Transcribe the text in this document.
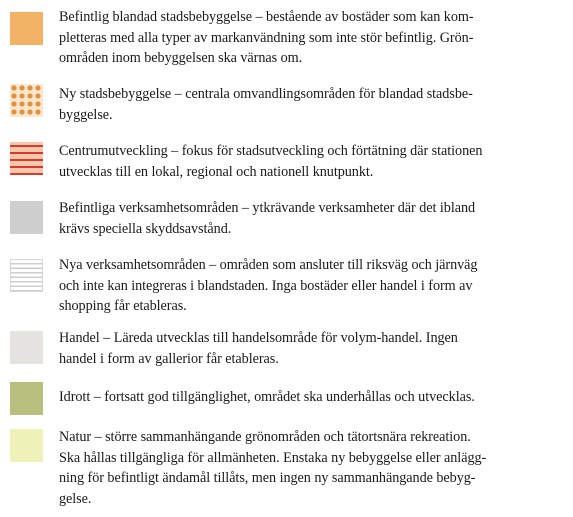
Befintlig blandad stadsbebyggelse – bestående av bostäder som kan kom-
pletteras med alla typer av markanvändning som inte stör befintlig. Grön-
områden inom bebyggelsen ska värnas om.
Ny stadsbebyggelse – centrala omvandlingsområden för blandad stadsbe-
byggelse.
Centrumutveckling – fokus för stadsutveckling och förtätning där stationen
utvecklas till en lokal, regional och nationell knutpunkt.
Befintliga verksamhetsområden – ytkrävande verksamheter där det ibland
krävs speciella skyddsavstånd.
Nya verksamhetsområden – områden som ansluter till riksväg och järnväg
och inte kan integreras i blandstaden. Inga bostäder eller handel i form av
shopping får etableras.
Handel – Läreda utvecklas till handelsområde för volym-handel. Ingen
handel i form av gallerior får etableras.
Idrott – fortsatt god tillgänglighet, området ska underhållas och utvecklas.
Natur – större sammanhängande grönområden och tätortsnära rekreation.
Ska hållas tillgängliga för allmänheten. Enstaka ny bebyggelse eller anlägg-
ning för befintligt ändamål tillåts, men ingen ny sammanhängande bebyg-
gelse.
